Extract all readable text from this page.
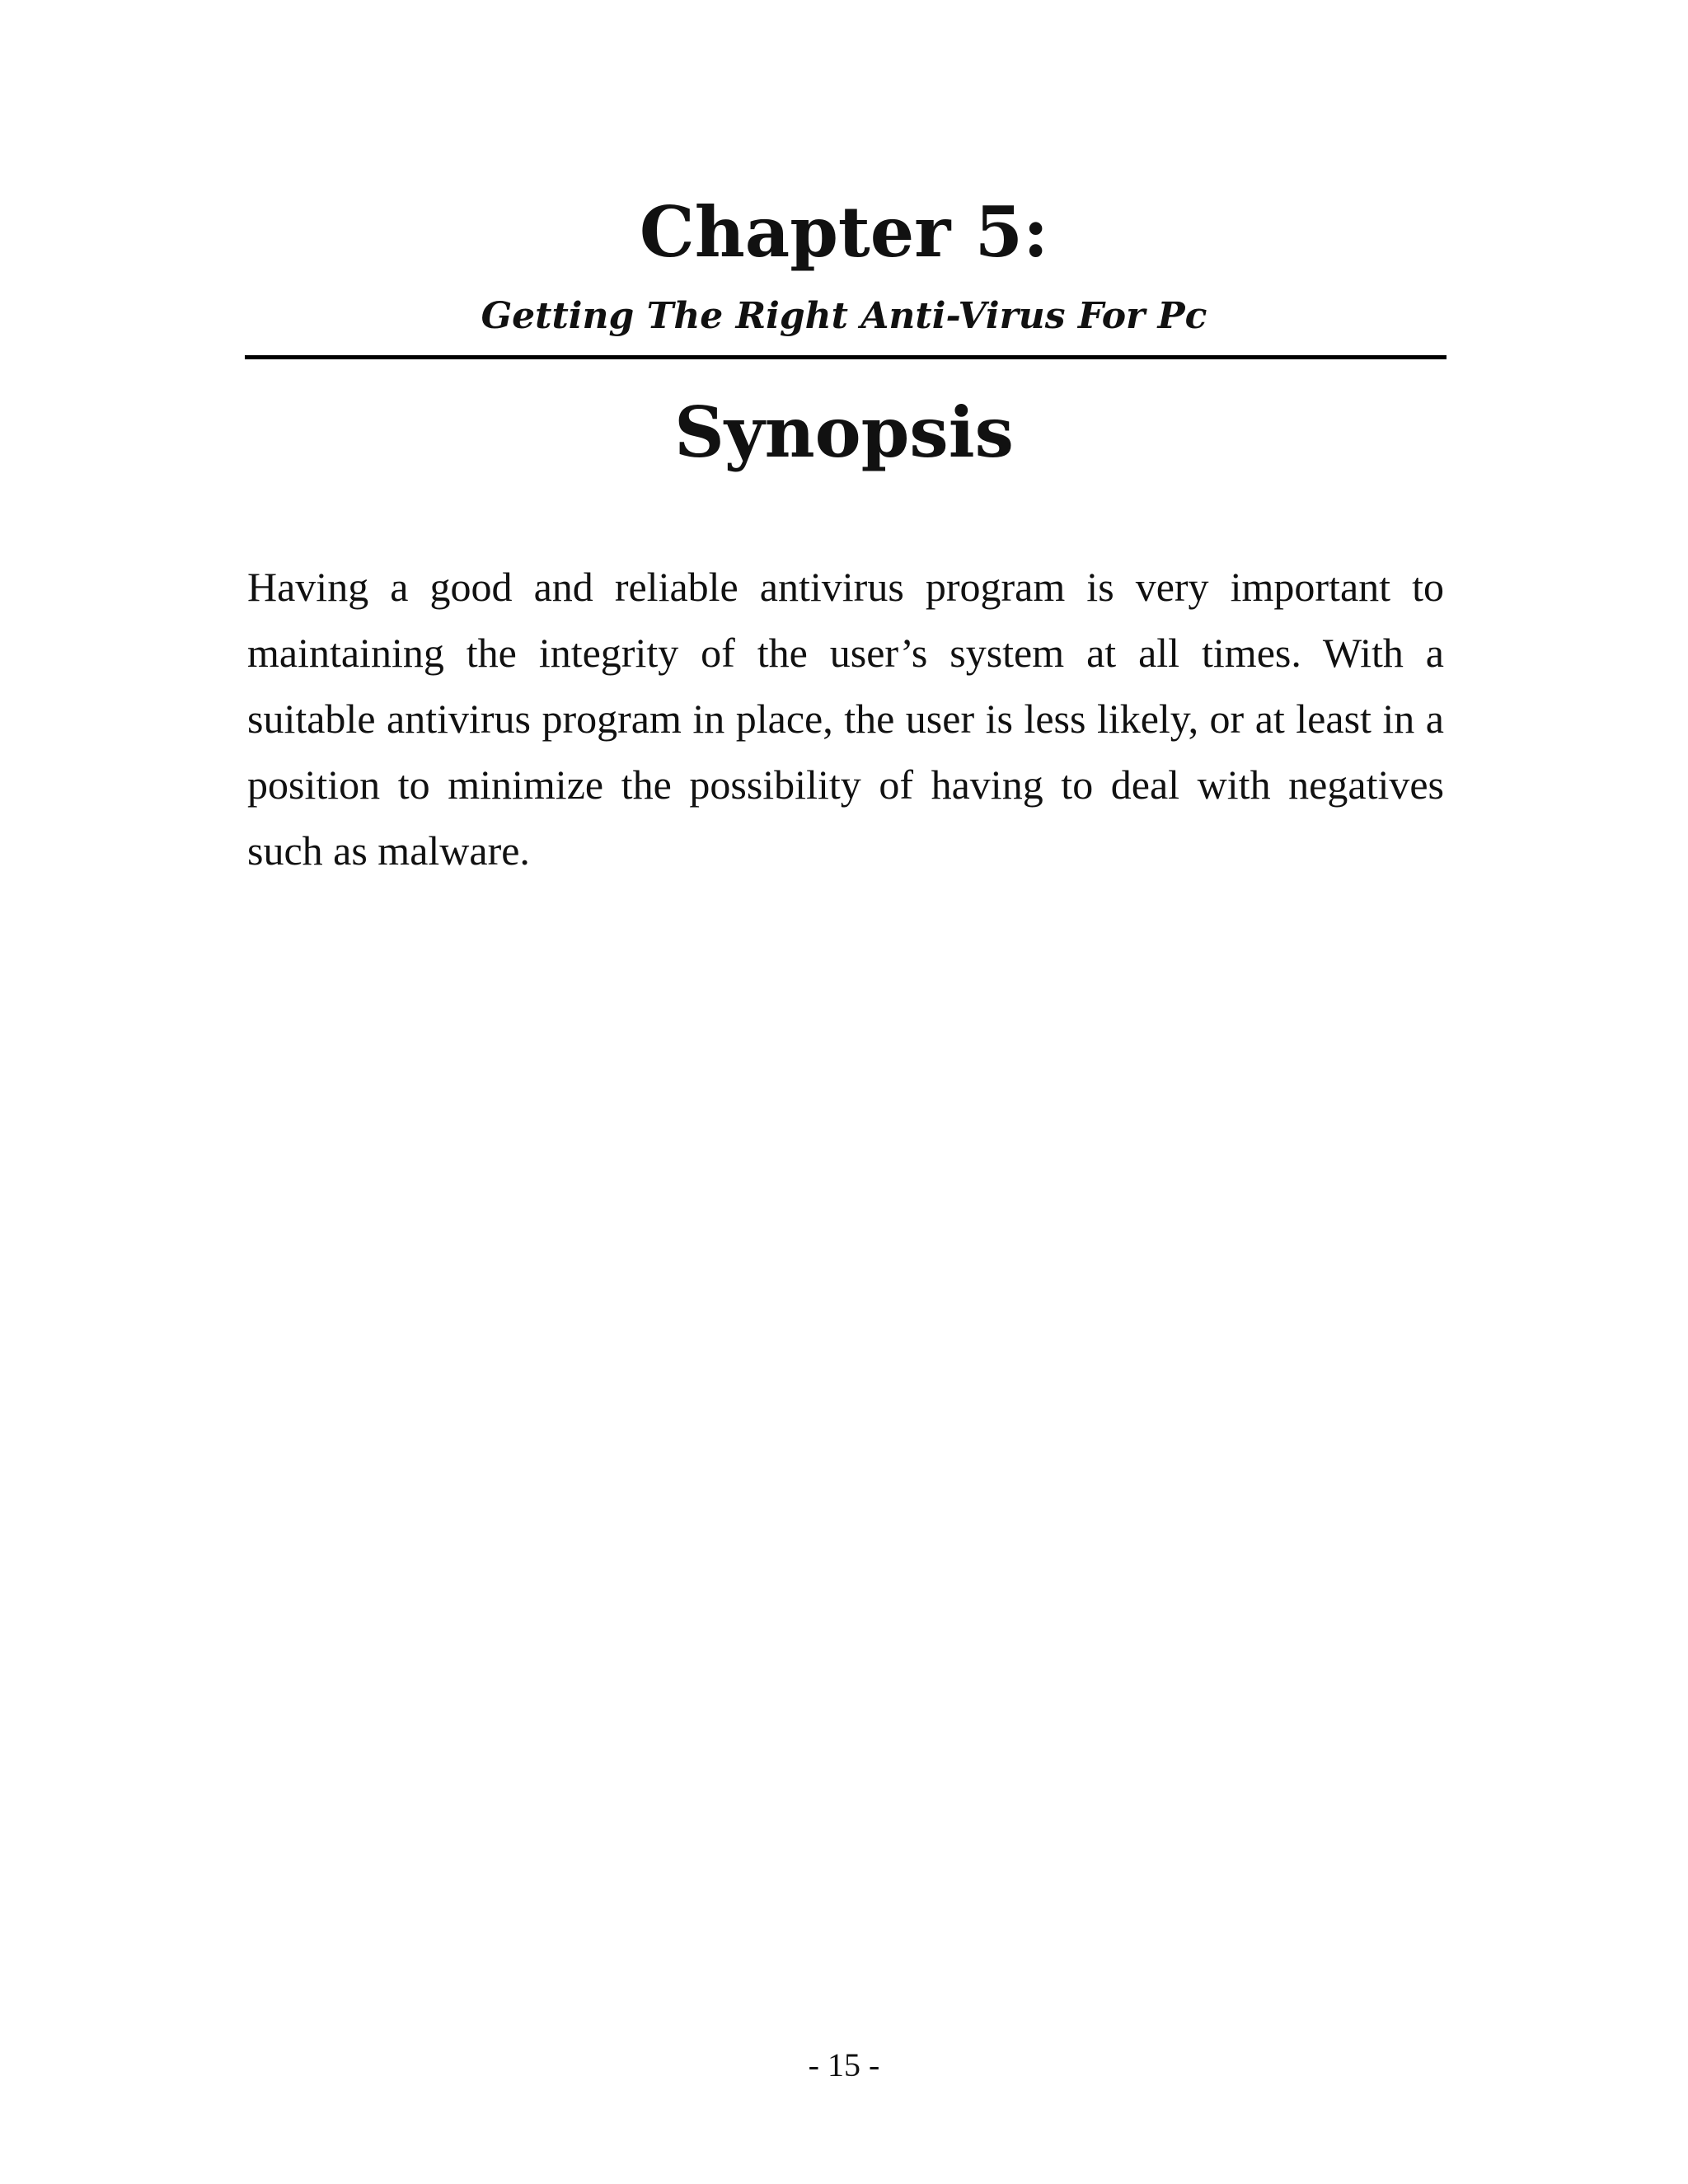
Chapter 5:
Getting The Right Anti-Virus For Pc
Synopsis

Having a good and reliable antivirus program is very important to maintaining the integrity of the user’s system at all times. With a suitable antivirus program in place, the user is less likely, or at least in a position to minimize the possibility of having to deal with negatives such as malware.

- 15 -
